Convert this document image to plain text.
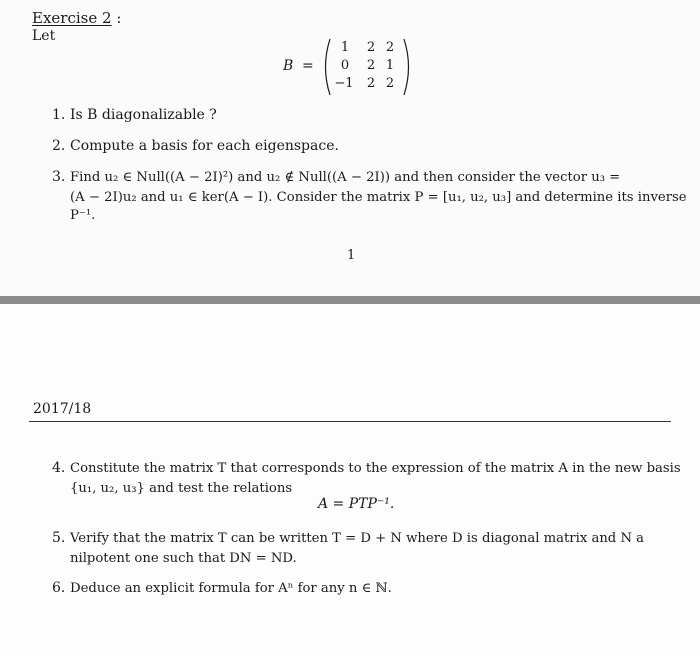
Exercise 2 :
Let
B =
1	2 2
0	2 1
−1	2 2
1. Is B diagonalizable ?
2. Compute a basis for each eigenspace.
3. Find u₂ ∈ Null((A − 2I)²) and u₂ ∉ Null((A − 2I)) and then consider the vector u₃ =
(A − 2I)u₂ and u₁ ∈ ker(A − I). Consider the matrix P = [u₁, u₂, u₃] and determine its inverse
P⁻¹.
1
2017/18
4. Constitute the matrix T that corresponds to the expression of the matrix A in the new basis
{u₁, u₂, u₃} and test the relations
A = PTP⁻¹.
5. Verify that the matrix T can be written T = D + N where D is diagonal matrix and N a
nilpotent one such that DN = ND.
6. Deduce an explicit formula for Aⁿ for any n ∈ ℕ.
